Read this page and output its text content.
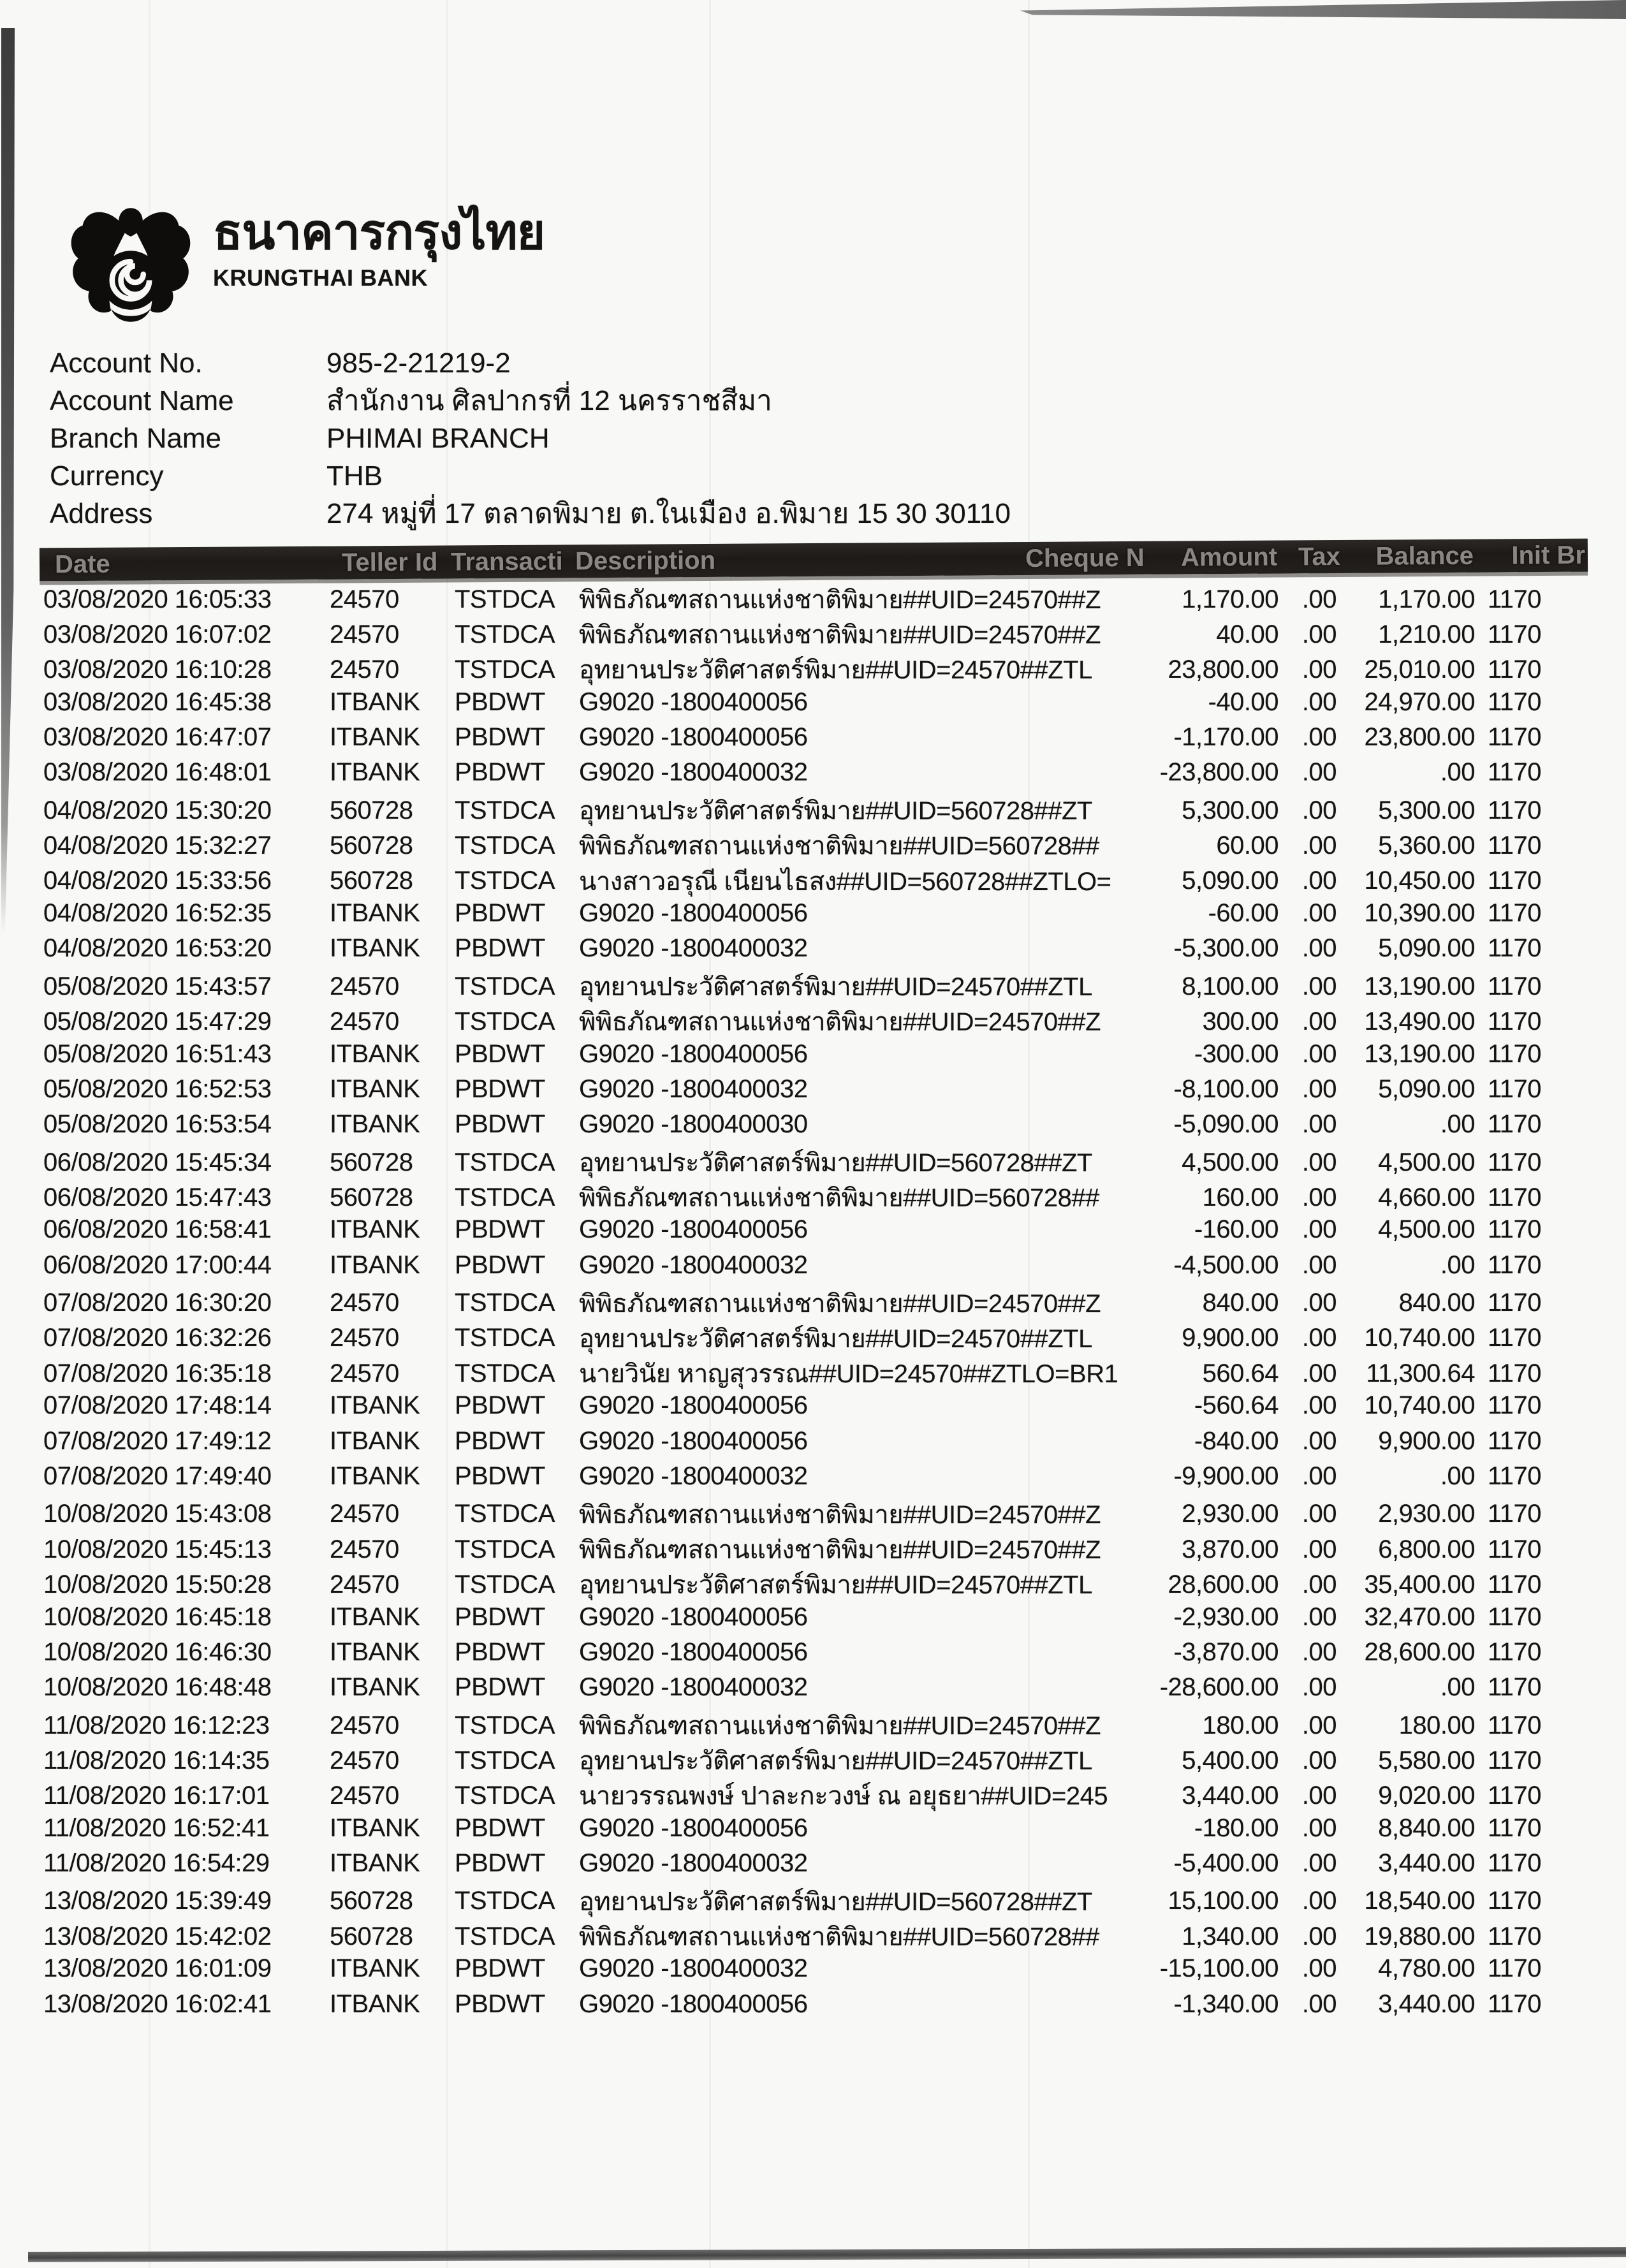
ธนาคารกรุงไทย
KRUNGTHAI BANK
Account No.	985-2-21219-2
Account Name	สำนักงาน ศิลปากรที่ 12 นครราชสีมา
Branch Name	PHIMAI BRANCH
Currency	THB
Address	274 หมู่ที่ 17 ตลาดพิมาย ต.ในเมือง อ.พิมาย 15 30 30110
Date	Teller Id Transacti Description	Cheque N	Amount Tax	Balance	Init Br
03/08/2020 16:05:33	24570	TSTDCA พิพิธภัณฑสถานแห่งชาติพิมาย##UID=24570##Z	1,170.00 .00	1,170.00 1170
03/08/2020 16:07:02	24570	TSTDCA พิพิธภัณฑสถานแห่งชาติพิมาย##UID=24570##Z	40.00 .00	1,210.00 1170
03/08/2020 16:10:28	24570	TSTDCA อุทยานประวัติศาสตร์พิมาย##UID=24570##ZTL	23,800.00 .00	25,010.00 1170
03/08/2020 16:45:38	ITBANK	PBDWT	G9020 -1800400056	-40.00 .00	24,970.00 1170
03/08/2020 16:47:07	ITBANK	PBDWT	G9020 -1800400056	-1,170.00 .00	23,800.00 1170
03/08/2020 16:48:01	ITBANK	PBDWT	G9020 -1800400032	-23,800.00 .00	.00 1170
04/08/2020 15:30:20	560728	TSTDCA อุทยานประวัติศาสตร์พิมาย##UID=560728##ZT	5,300.00 .00	5,300.00 1170
04/08/2020 15:32:27	560728	TSTDCA พิพิธภัณฑสถานแห่งชาติพิมาย##UID=560728##	60.00 .00	5,360.00 1170
04/08/2020 15:33:56	560728	TSTDCA นางสาวอรุณี เนียนไธสง##UID=560728##ZTLO=	5,090.00 .00	10,450.00 1170
04/08/2020 16:52:35	ITBANK	PBDWT	G9020 -1800400056	-60.00 .00	10,390.00 1170
04/08/2020 16:53:20	ITBANK	PBDWT	G9020 -1800400032	-5,300.00 .00	5,090.00 1170
05/08/2020 15:43:57	24570	TSTDCA อุทยานประวัติศาสตร์พิมาย##UID=24570##ZTL	8,100.00 .00	13,190.00 1170
05/08/2020 15:47:29	24570	TSTDCA พิพิธภัณฑสถานแห่งชาติพิมาย##UID=24570##Z	300.00 .00	13,490.00 1170
05/08/2020 16:51:43	ITBANK	PBDWT	G9020 -1800400056	-300.00 .00	13,190.00 1170
05/08/2020 16:52:53	ITBANK	PBDWT	G9020 -1800400032	-8,100.00 .00	5,090.00 1170
05/08/2020 16:53:54	ITBANK	PBDWT	G9020 -1800400030	-5,090.00 .00	.00 1170
06/08/2020 15:45:34	560728	TSTDCA อุทยานประวัติศาสตร์พิมาย##UID=560728##ZT	4,500.00 .00	4,500.00 1170
06/08/2020 15:47:43	560728	TSTDCA พิพิธภัณฑสถานแห่งชาติพิมาย##UID=560728##	160.00 .00	4,660.00 1170
06/08/2020 16:58:41	ITBANK	PBDWT	G9020 -1800400056	-160.00 .00	4,500.00 1170
06/08/2020 17:00:44	ITBANK	PBDWT	G9020 -1800400032	-4,500.00 .00	.00 1170
07/08/2020 16:30:20	24570	TSTDCA พิพิธภัณฑสถานแห่งชาติพิมาย##UID=24570##Z	840.00 .00	840.00 1170
07/08/2020 16:32:26	24570	TSTDCA อุทยานประวัติศาสตร์พิมาย##UID=24570##ZTL	9,900.00 .00	10,740.00 1170
07/08/2020 16:35:18	24570	TSTDCA นายวินัย หาญสุวรรณ##UID=24570##ZTLO=BR1	560.64 .00	11,300.64 1170
07/08/2020 17:48:14	ITBANK	PBDWT	G9020 -1800400056	-560.64 .00	10,740.00 1170
07/08/2020 17:49:12	ITBANK	PBDWT	G9020 -1800400056	-840.00 .00	9,900.00 1170
07/08/2020 17:49:40	ITBANK	PBDWT	G9020 -1800400032	-9,900.00 .00	.00 1170
10/08/2020 15:43:08	24570	TSTDCA พิพิธภัณฑสถานแห่งชาติพิมาย##UID=24570##Z	2,930.00 .00	2,930.00 1170
10/08/2020 15:45:13	24570	TSTDCA พิพิธภัณฑสถานแห่งชาติพิมาย##UID=24570##Z	3,870.00 .00	6,800.00 1170
10/08/2020 15:50:28	24570	TSTDCA อุทยานประวัติศาสตร์พิมาย##UID=24570##ZTL	28,600.00 .00	35,400.00 1170
10/08/2020 16:45:18	ITBANK	PBDWT	G9020 -1800400056	-2,930.00 .00	32,470.00 1170
10/08/2020 16:46:30	ITBANK	PBDWT	G9020 -1800400056	-3,870.00 .00	28,600.00 1170
10/08/2020 16:48:48	ITBANK	PBDWT	G9020 -1800400032	-28,600.00 .00	.00 1170
11/08/2020 16:12:23	24570	TSTDCA พิพิธภัณฑสถานแห่งชาติพิมาย##UID=24570##Z	180.00 .00	180.00 1170
11/08/2020 16:14:35	24570	TSTDCA อุทยานประวัติศาสตร์พิมาย##UID=24570##ZTL	5,400.00 .00	5,580.00 1170
11/08/2020 16:17:01	24570	TSTDCA นายวรรณพงษ์ ปาละกะวงษ์ ณ อยุธยา##UID=245	3,440.00 .00	9,020.00 1170
11/08/2020 16:52:41	ITBANK	PBDWT	G9020 -1800400056	-180.00 .00	8,840.00 1170
11/08/2020 16:54:29	ITBANK	PBDWT	G9020 -1800400032	-5,400.00 .00	3,440.00 1170
13/08/2020 15:39:49	560728	TSTDCA อุทยานประวัติศาสตร์พิมาย##UID=560728##ZT	15,100.00 .00	18,540.00 1170
13/08/2020 15:42:02	560728	TSTDCA พิพิธภัณฑสถานแห่งชาติพิมาย##UID=560728##	1,340.00 .00	19,880.00 1170
13/08/2020 16:01:09	ITBANK	PBDWT	G9020 -1800400032	-15,100.00 .00	4,780.00 1170
13/08/2020 16:02:41	ITBANK	PBDWT	G9020 -1800400056	-1,340.00 .00	3,440.00 1170
